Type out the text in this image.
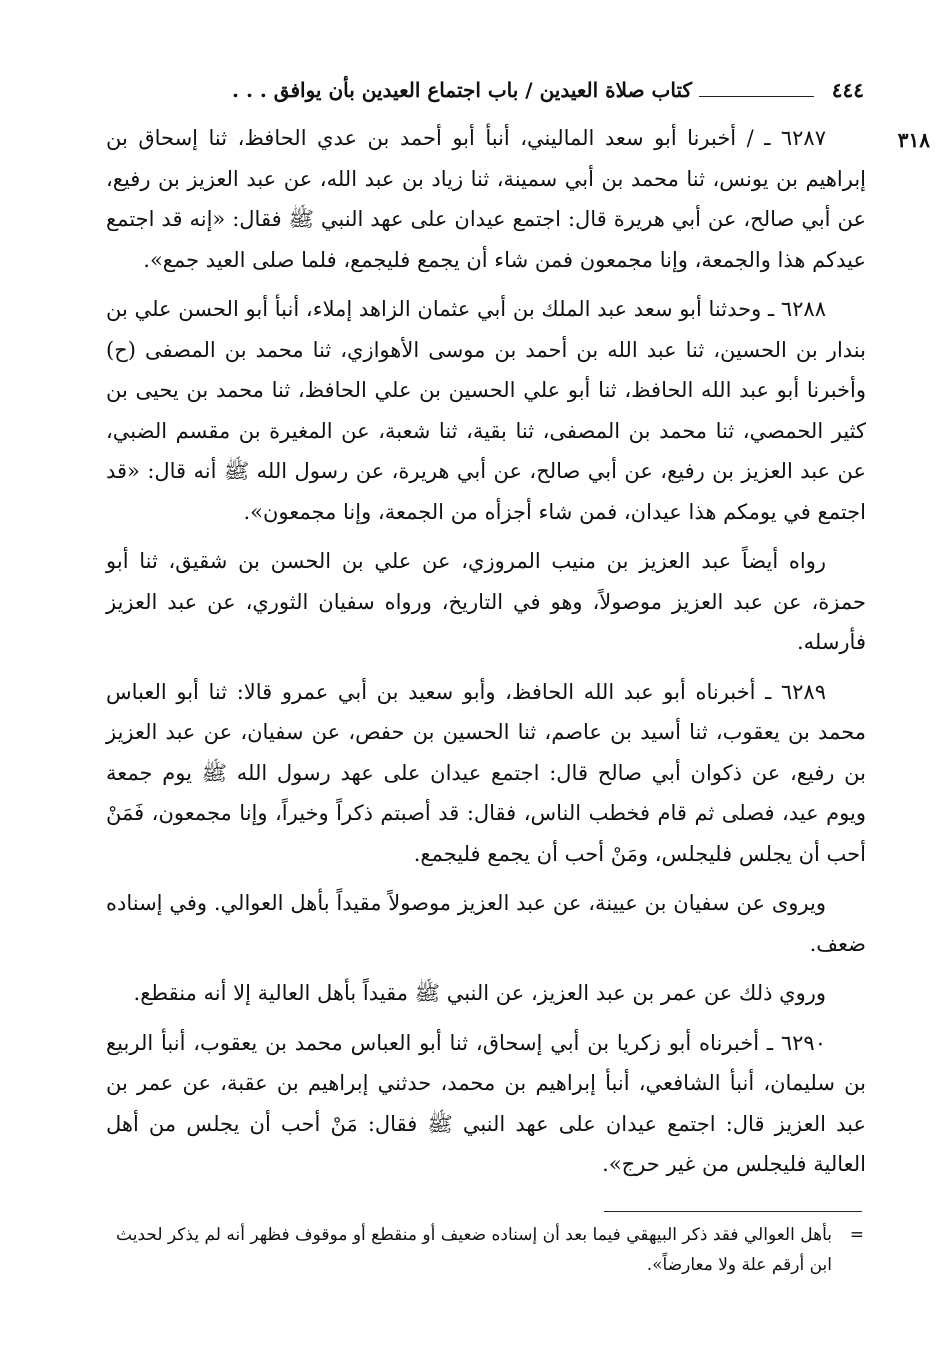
٤٤٤
كتاب صلاة العيدين / باب اجتماع العيدين بأن يوافق . . .
٣١٨

٦٢٨٧ ـ / أخبرنا أبو سعد الماليني، أنبأ أبو أحمد بن عدي الحافظ، ثنا إسحاق بن إبراهيم بن يونس، ثنا محمد بن أبي سمينة، ثنا زياد بن عبد الله، عن عبد العزيز بن رفيع، عن أبي صالح، عن أبي هريرة قال: اجتمع عيدان على عهد النبي ﷺ فقال: «إنه قد اجتمع عيدكم هذا والجمعة، وإنا مجمعون فمن شاء أن يجمع فليجمع، فلما صلى العيد جمع».

٦٢٨٨ ـ وحدثنا أبو سعد عبد الملك بن أبي عثمان الزاهد إملاء، أنبأ أبو الحسن علي بن بندار بن الحسين، ثنا عبد الله بن أحمد بن موسى الأهوازي، ثنا محمد بن المصفى (ح) وأخبرنا أبو عبد الله الحافظ، ثنا أبو علي الحسين بن علي الحافظ، ثنا محمد بن يحيى بن كثير الحمصي، ثنا محمد بن المصفى، ثنا بقية، ثنا شعبة، عن المغيرة بن مقسم الضبي، عن عبد العزيز بن رفيع، عن أبي صالح، عن أبي هريرة، عن رسول الله ﷺ أنه قال: «قد اجتمع في يومكم هذا عيدان، فمن شاء أجزأه من الجمعة، وإنا مجمعون».

رواه أيضاً عبد العزيز بن منيب المروزي، عن علي بن الحسن بن شقيق، ثنا أبو حمزة، عن عبد العزيز موصولاً، وهو في التاريخ، ورواه سفيان الثوري، عن عبد العزيز فأرسله.

٦٢٨٩ ـ أخبرناه أبو عبد الله الحافظ، وأبو سعيد بن أبي عمرو قالا: ثنا أبو العباس محمد بن يعقوب، ثنا أسيد بن عاصم، ثنا الحسين بن حفص، عن سفيان، عن عبد العزيز بن رفيع، عن ذكوان أبي صالح قال: اجتمع عيدان على عهد رسول الله ﷺ يوم جمعة ويوم عيد، فصلى ثم قام فخطب الناس، فقال: قد أصبتم ذكراً وخيراً، وإنا مجمعون، فَمَنْ أحب أن يجلس فليجلس، ومَنْ أحب أن يجمع فليجمع.

ويروى عن سفيان بن عيينة، عن عبد العزيز موصولاً مقيداً بأهل العوالي. وفي إسناده ضعف.

وروي ذلك عن عمر بن عبد العزيز، عن النبي ﷺ مقيداً بأهل العالية إلا أنه منقطع.

٦٢٩٠ ـ أخبرناه أبو زكريا بن أبي إسحاق، ثنا أبو العباس محمد بن يعقوب، أنبأ الربيع بن سليمان، أنبأ الشافعي، أنبأ إبراهيم بن محمد، حدثني إبراهيم بن عقبة، عن عمر بن عبد العزيز قال: اجتمع عيدان على عهد النبي ﷺ فقال: مَنْ أحب أن يجلس من أهل العالية فليجلس من غير حرج».

=بأهل العوالي فقد ذكر البيهقي فيما بعد أن إسناده ضعيف أو منقطع أو موقوف فظهر أنه لم يذكر لحديث
ابن أرقم علة ولا معارضاً».
